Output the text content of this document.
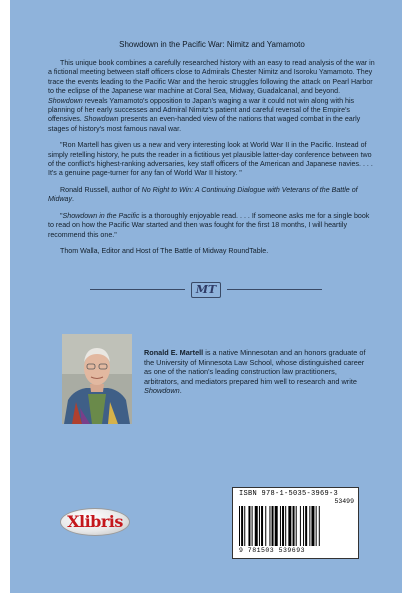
Showdown in the Pacific War: Nimitz and Yamamoto

This unique book combines a carefully researched history with an easy to read analysis of the war in a fictional meeting between staff officers close to Admirals Chester Nimitz and Isoroku Yamamoto. They trace the events leading to the Pacific War and the heroic struggles following the attack on Pearl Harbor to the eclipse of the Japanese war machine at Coral Sea, Midway, Guadalcanal, and beyond. Showdown reveals Yamamoto's opposition to Japan's waging a war it could not win along with his planning of her early successes and Admiral Nimitz's patient and careful reversal of the Empire's offensives. Showdown presents an even-handed view of the nations that waged combat in the early stages of history's most famous naval war.

"Ron Martell has given us a new and very interesting look at World War II in the Pacific. Instead of simply retelling history, he puts the reader in a fictitious yet plausible latter-day conference between two of the conflict's highest-ranking adversaries, key staff officers of the American and Japanese navies. . . . It's a genuine page-turner for any fan of World War II history. "

Ronald Russell, author of No Right to Win: A Continuing Dialogue with Veterans of the Battle of Midway.

"Showdown in the Pacific is a thoroughly enjoyable read. . . . If someone asks me for a single book to read on how the Pacific War started and then was fought for the first 18 months, I will heartily recommend this one."

Thom Walla, Editor and Host of The Battle of Midway RoundTable.

MT
Ronald E. Martell is a native Minnesotan and an honors graduate of the University of Minnesota Law School, whose distinguished career as one of the nation's leading construction law practitioners, arbitrators, and mediators prepared him well to research and write Showdown.
Xlibris
ISBN 978-1-5035-3969-3
53499
9 781503 539693
